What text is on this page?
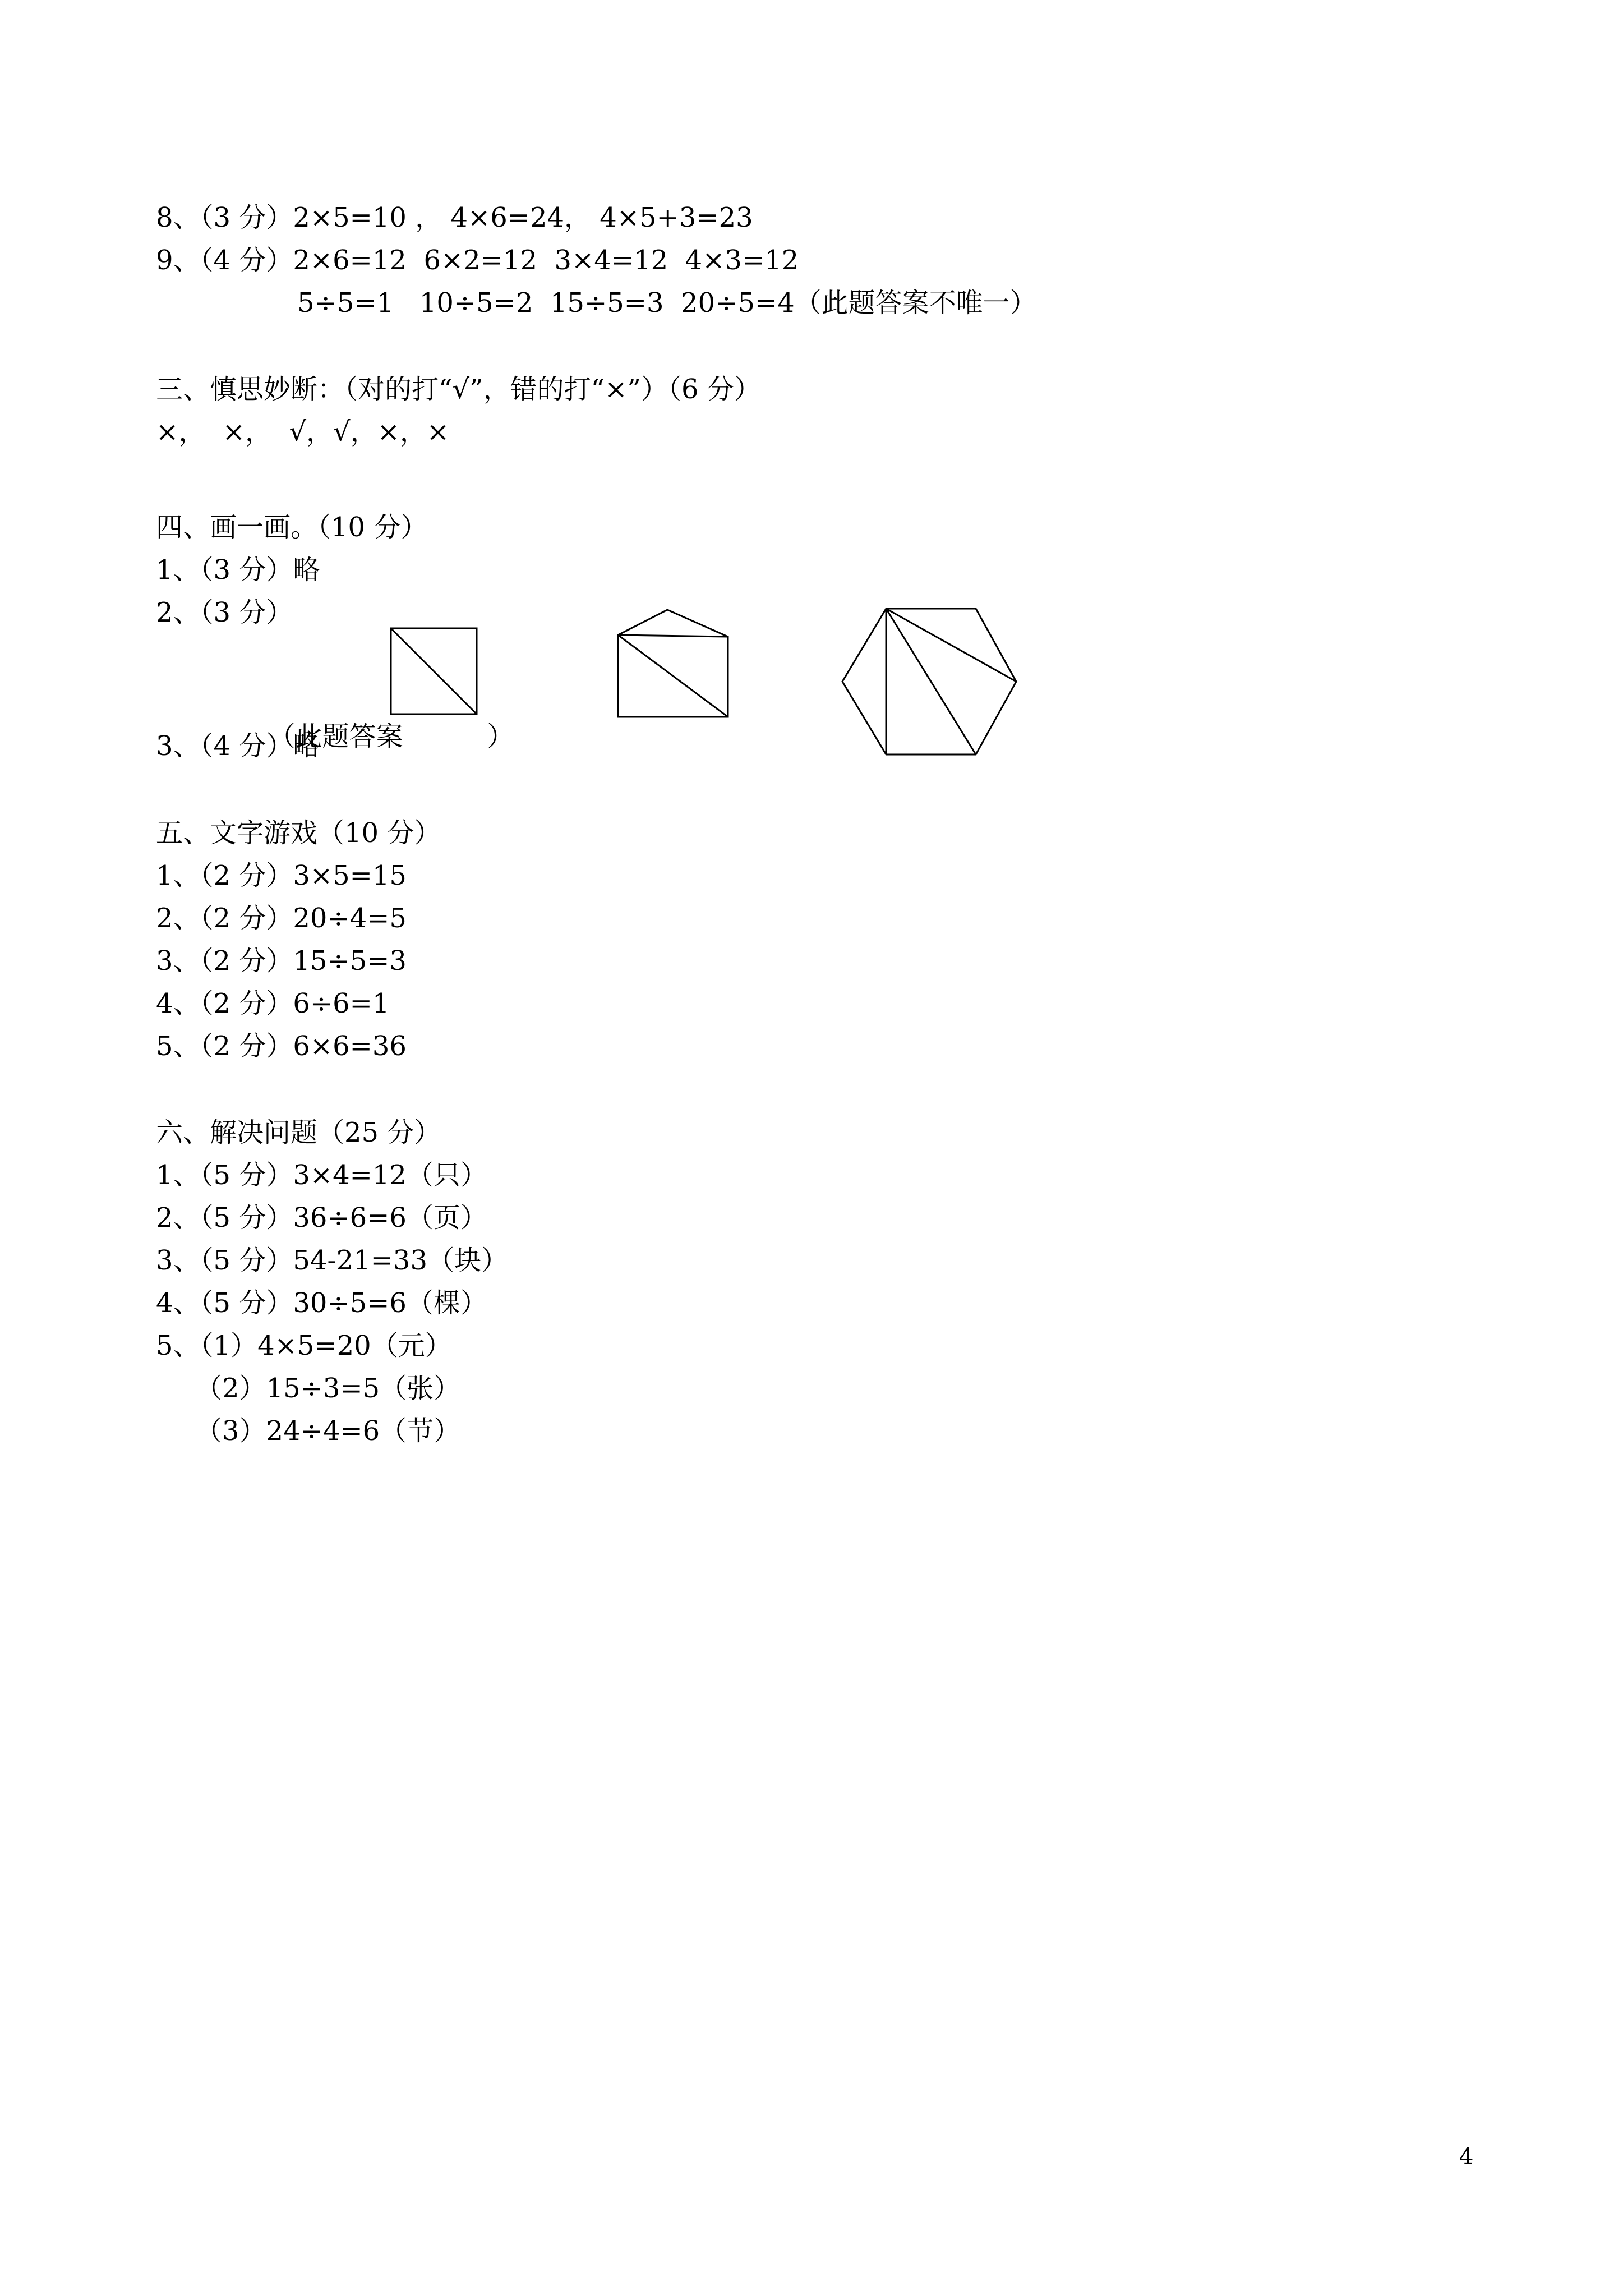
8、（3 分）2×5=10 ， 4×6=24， 4×5+3=23
9、（4 分）2×6=12  6×2=12  3×4=12  4×3=12
5÷5=1   10÷5=2  15÷5=3  20÷5=4（此题答案不唯一）
三、慎思妙断：（对的打“√”，错的打“×”）（6 分）
×，  ×，  √，√，×，×
四、画一画。（10 分）
1、（3 分）略
2、（3 分）

（此题答案	）

3、（4 分）略
五、文字游戏（10 分）
1、（2 分）3×5=15
2、（2 分）20÷4=5
3、（2 分）15÷5=3
4、（2 分）6÷6=1
5、（2 分）6×6=36
六、解决问题（25 分）
1、（5 分）3×4=12（只）
2、（5 分）36÷6=6（页）
3、（5 分）54-21=33（块）
4、（5 分）30÷5=6（棵）
5、（1）4×5=20（元）
（2）15÷3=5（张）
（3）24÷4=6（节）
4
